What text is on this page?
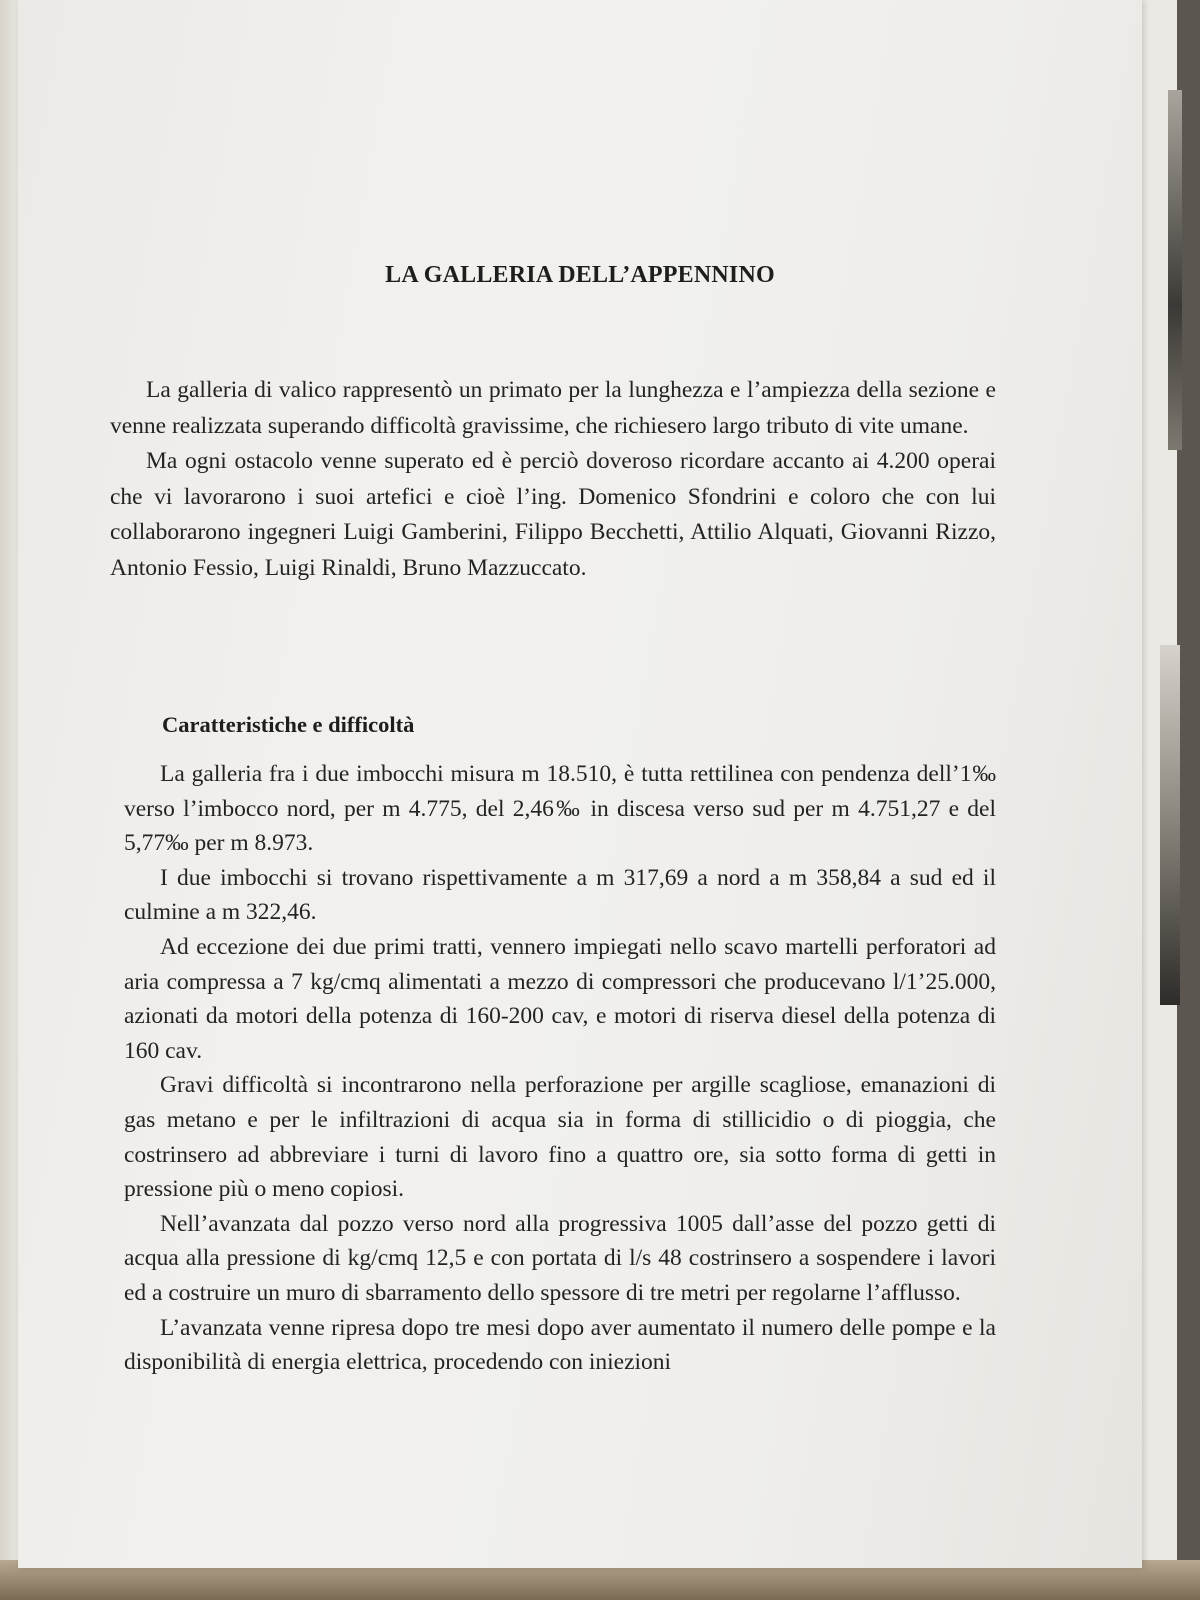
LA GALLERIA DELL’APPENNINO

La galleria di valico rappresentò un primato per la lunghezza e l’ampiezza della sezione e venne realizzata superando difficoltà gravissime, che richiesero largo tributo di vite umane.

Ma ogni ostacolo venne superato ed è perciò doveroso ricordare accanto ai 4.200 operai che vi lavorarono i suoi artefici e cioè l’ing. Domenico Sfondrini e coloro che con lui collaborarono ingegneri Luigi Gamberini, Filippo Becchetti, Attilio Alquati, Giovanni Rizzo, Antonio Fessio, Luigi Rinaldi, Bruno Mazzuccato.

Caratteristiche e difficoltà

La galleria fra i due imbocchi misura m 18.510, è tutta rettilinea con pendenza dell’1‰ verso l’imbocco nord, per m 4.775, del 2,46‰ in discesa verso sud per m 4.751,27 e del 5,77‰ per m 8.973.

I due imbocchi si trovano rispettivamente a m 317,69 a nord a m 358,84 a sud ed il culmine a m 322,46.

Ad eccezione dei due primi tratti, vennero impiegati nello scavo martelli perforatori ad aria compressa a 7 kg/cmq alimentati a mezzo di compressori che producevano l/1’25.000, azionati da motori della potenza di 160-200 cav, e motori di riserva diesel della potenza di 160 cav.

Gravi difficoltà si incontrarono nella perforazione per argille scagliose, emanazioni di gas metano e per le infiltrazioni di acqua sia in forma di stillicidio o di pioggia, che costrinsero ad abbreviare i turni di lavoro fino a quattro ore, sia sotto forma di getti in pressione più o meno copiosi.

Nell’avanzata dal pozzo verso nord alla progressiva 1005 dall’asse del pozzo getti di acqua alla pressione di kg/cmq 12,5 e con portata di l/s 48 costrinsero a sospendere i lavori ed a costruire un muro di sbarramento dello spessore di tre metri per regolarne l’afflusso.

L’avanzata venne ripresa dopo tre mesi dopo aver aumentato il numero delle pompe e la disponibilità di energia elettrica, procedendo con iniezioni
